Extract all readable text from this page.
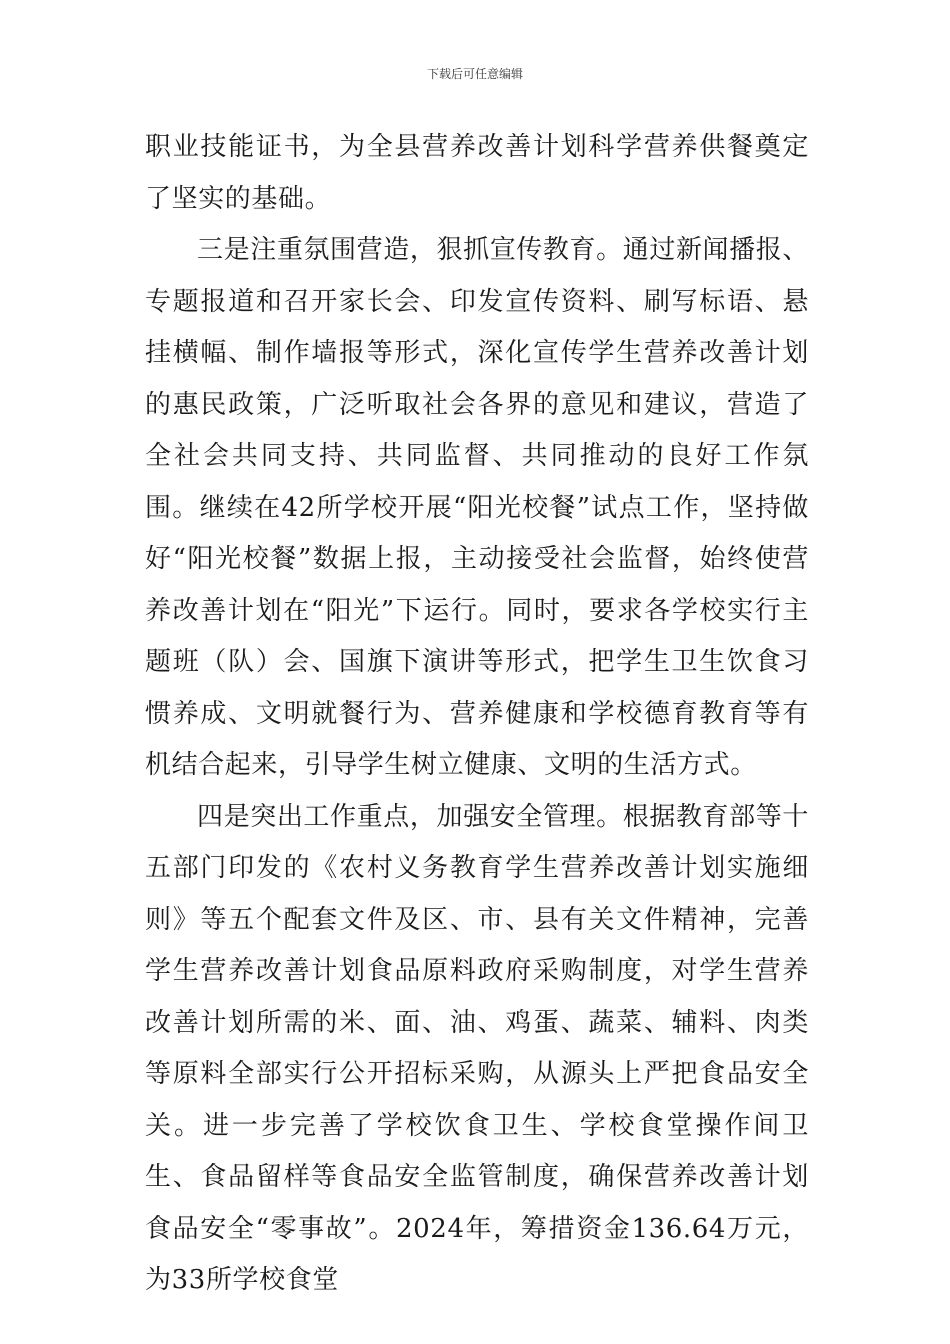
下载后可任意编辑

职业技能证书，为全县营养改善计划科学营养供餐奠定了坚实的基础。

三是注重氛围营造，狠抓宣传教育。通过新闻播报、专题报道和召开家长会、印发宣传资料、刷写标语、悬挂横幅、制作墙报等形式，深化宣传学生营养改善计划的惠民政策，广泛听取社会各界的意见和建议，营造了全社会共同支持、共同监督、共同推动的良好工作氛围。继续在42所学校开展“阳光校餐”试点工作，坚持做好“阳光校餐”数据上报，主动接受社会监督，始终使营养改善计划在“阳光”下运行。同时，要求各学校实行主题班（队）会、国旗下演讲等形式，把学生卫生饮食习惯养成、文明就餐行为、营养健康和学校德育教育等有机结合起来，引导学生树立健康、文明的生活方式。

四是突出工作重点，加强安全管理。根据教育部等十五部门印发的《农村义务教育学生营养改善计划实施细则》等五个配套文件及区、市、县有关文件精神，完善学生营养改善计划食品原料政府采购制度，对学生营养改善计划所需的米、面、油、鸡蛋、蔬菜、辅料、肉类等原料全部实行公开招标采购，从源头上严把食品安全关。进一步完善了学校饮食卫生、学校食堂操作间卫生、食品留样等食品安全监管制度，确保营养改善计划食品安全“零事故”。2024年，筹措资金136.64万元，为33所学校食堂
